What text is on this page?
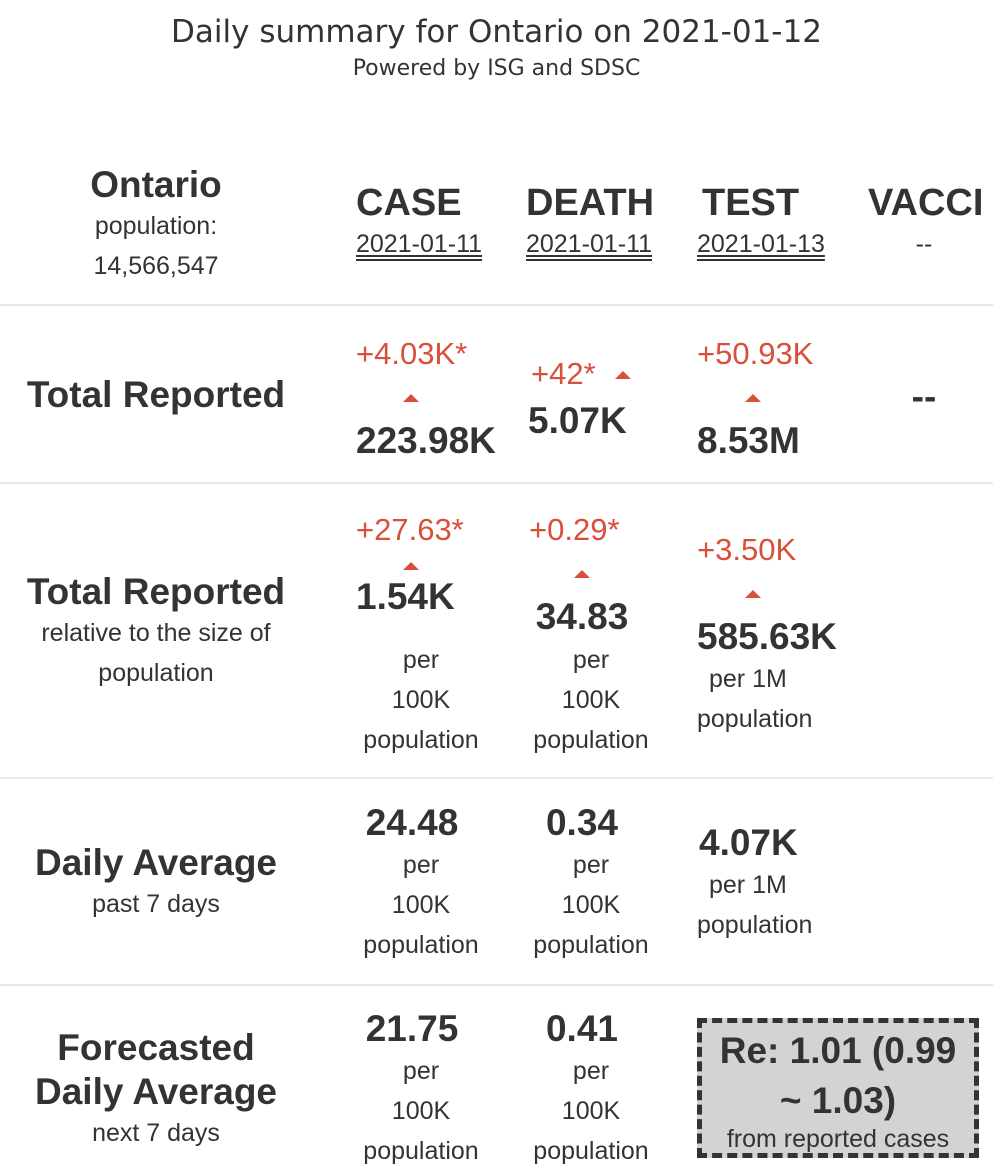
Daily summary for Ontario on 2021-01-12
Powered by ISG and SDSC
Ontario
population:
14,566,547
CASE
2021-01-11
DEATH
2021-01-11
TEST
2021-01-13
VACCI
--
Total Reported
+4.03K*
223.98K
+42*
5.07K
+50.93K
8.53M
--
Total Reported
relative to the size of
population
+27.63*
1.54K
per
100K
population
+0.29*
34.83
per
100K
population
+3.50K
585.63K
per 1M
population
Daily Average
past 7 days
24.48
per
100K
population
0.34
per
100K
population
4.07K
per 1M
population
Forecasted
Daily Average
next 7 days
21.75
per
100K
population
0.41
per
100K
population
Re: 1.01 (0.99
~ 1.03)
from reported cases
